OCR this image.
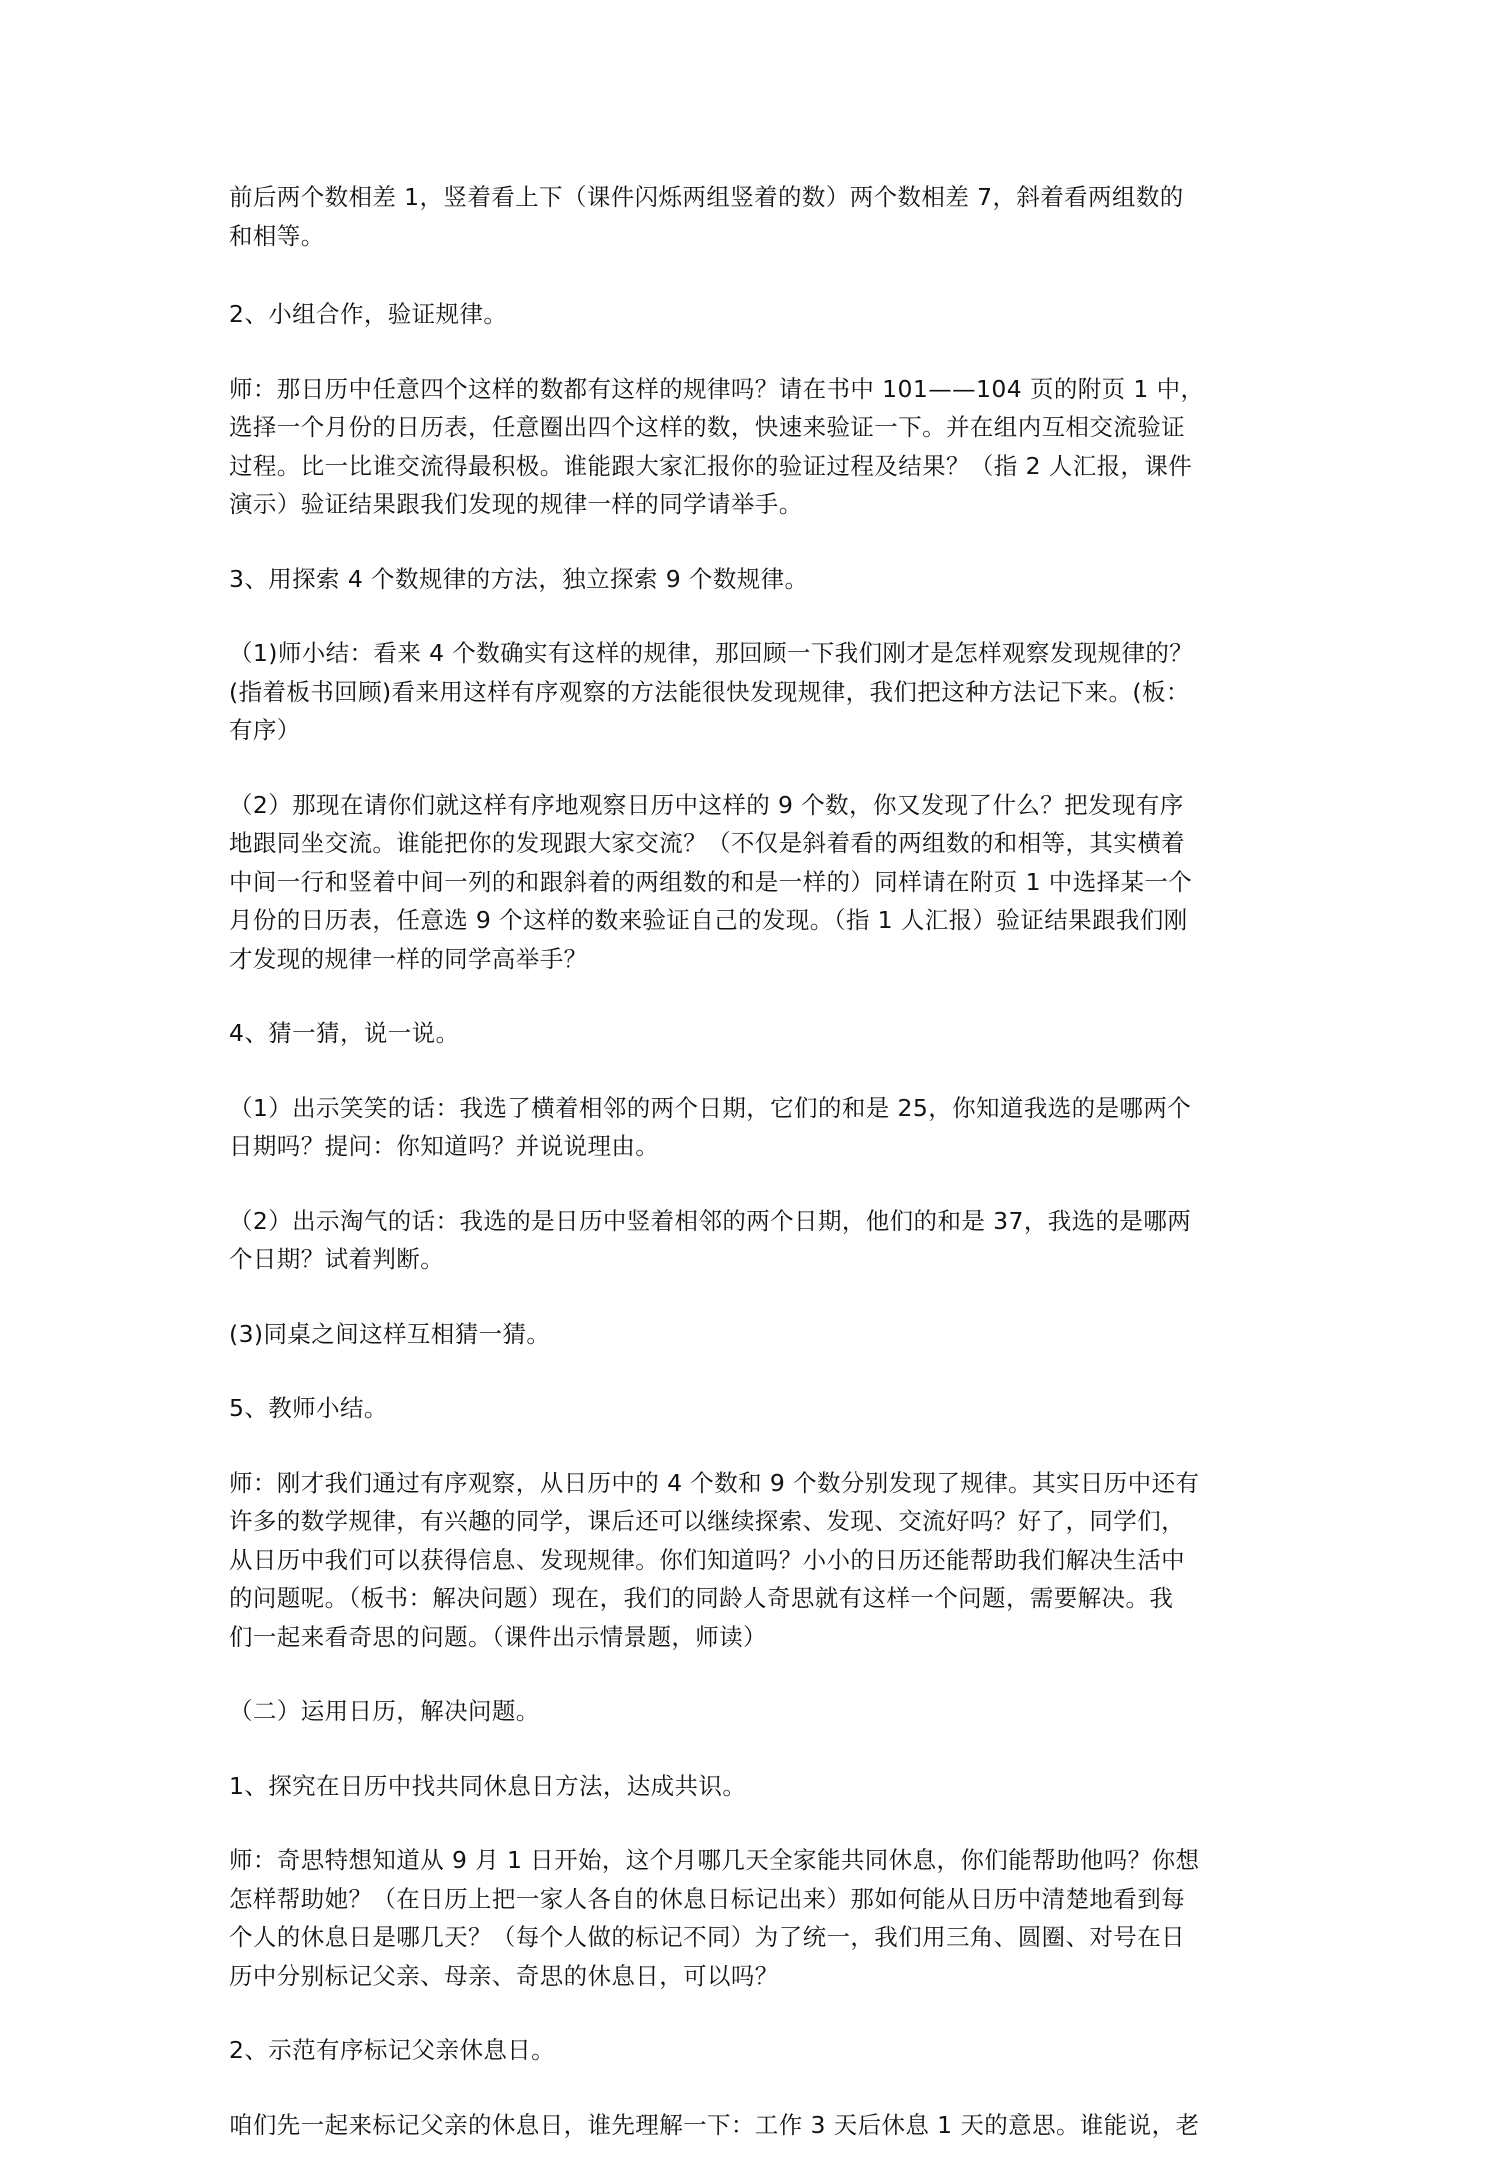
前后两个数相差 1，竖着看上下（课件闪烁两组竖着的数）两个数相差 7，斜着看两组数的
和相等。
2、小组合作，验证规律。
师：那日历中任意四个这样的数都有这样的规律吗？请在书中 101——104 页的附页 1 中，
选择一个月份的日历表，任意圈出四个这样的数，快速来验证一下。并在组内互相交流验证
过程。比一比谁交流得最积极。谁能跟大家汇报你的验证过程及结果？（指 2 人汇报，课件
演示）验证结果跟我们发现的规律一样的同学请举手。
3、用探索 4 个数规律的方法，独立探索 9 个数规律。
（1)师小结：看来 4 个数确实有这样的规律，那回顾一下我们刚才是怎样观察发现规律的？
(指着板书回顾)看来用这样有序观察的方法能很快发现规律，我们把这种方法记下来。(板：
有序）
（2）那现在请你们就这样有序地观察日历中这样的 9 个数，你又发现了什么？把发现有序
地跟同坐交流。谁能把你的发现跟大家交流？（不仅是斜着看的两组数的和相等，其实横着
中间一行和竖着中间一列的和跟斜着的两组数的和是一样的）同样请在附页 1 中选择某一个
月份的日历表，任意选 9 个这样的数来验证自己的发现。（指 1 人汇报）验证结果跟我们刚
才发现的规律一样的同学高举手？
4、猜一猜，说一说。
（1）出示笑笑的话：我选了横着相邻的两个日期，它们的和是 25，你知道我选的是哪两个
日期吗？提问：你知道吗？并说说理由。
（2）出示淘气的话：我选的是日历中竖着相邻的两个日期，他们的和是 37，我选的是哪两
个日期？试着判断。
(3)同桌之间这样互相猜一猜。
5、教师小结。
师：刚才我们通过有序观察，从日历中的 4 个数和 9 个数分别发现了规律。其实日历中还有
许多的数学规律，有兴趣的同学，课后还可以继续探索、发现、交流好吗？好了，同学们，
从日历中我们可以获得信息、发现规律。你们知道吗？小小的日历还能帮助我们解决生活中
的问题呢。（板书：解决问题）现在，我们的同龄人奇思就有这样一个问题，需要解决。我
们一起来看奇思的问题。（课件出示情景题，师读）
（二）运用日历，解决问题。
1、探究在日历中找共同休息日方法，达成共识。
师：奇思特想知道从 9 月 1 日开始，这个月哪几天全家能共同休息，你们能帮助他吗？你想
怎样帮助她？（在日历上把一家人各自的休息日标记出来）那如何能从日历中清楚地看到每
个人的休息日是哪几天？（每个人做的标记不同）为了统一，我们用三角、圆圈、对号在日
历中分别标记父亲、母亲、奇思的休息日，可以吗？
2、示范有序标记父亲休息日。
咱们先一起来标记父亲的休息日，谁先理解一下：工作 3 天后休息 1 天的意思。谁能说，老
